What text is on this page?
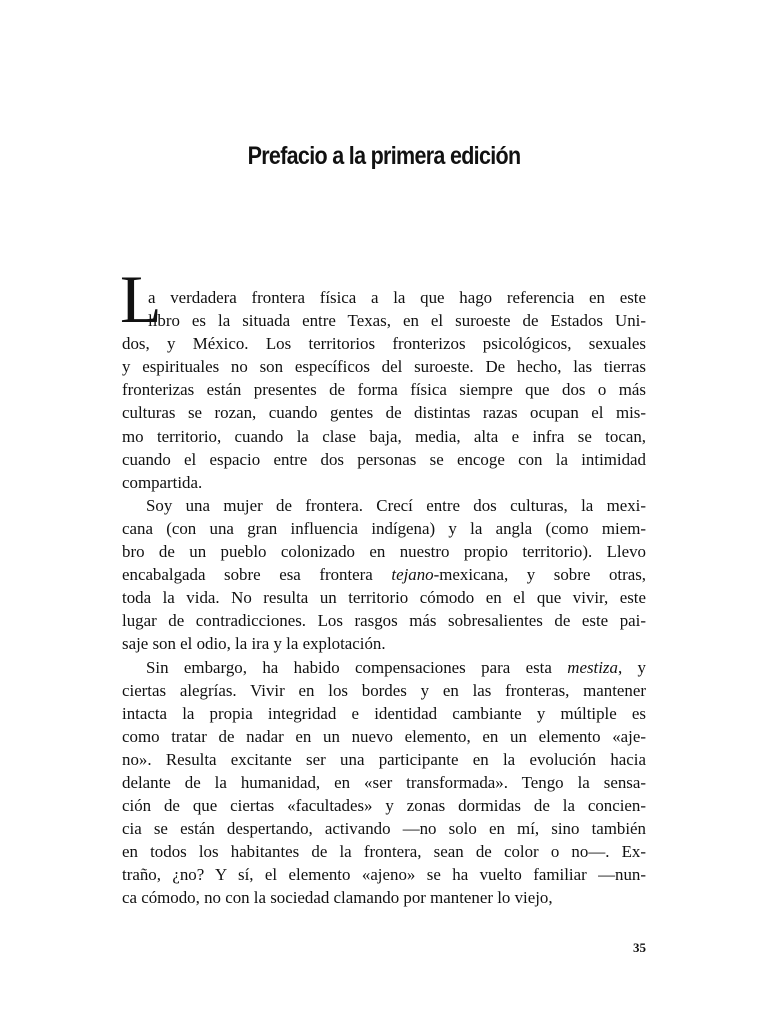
Prefacio a la primera edición
a verdadera frontera física a la que hago referencia en este
libro es la situada entre Texas, en el suroeste de Estados Uni-
dos, y México. Los territorios fronterizos psicológicos, sexuales
y espirituales no son específicos del suroeste. De hecho, las tierras
fronterizas están presentes de forma física siempre que dos o más
culturas se rozan, cuando gentes de distintas razas ocupan el mis-
mo territorio, cuando la clase baja, media, alta e infra se tocan,
cuando el espacio entre dos personas se encoge con la intimidad
compartida.
L
Soy una mujer de frontera. Crecí entre dos culturas, la mexi-
cana (con una gran influencia indígena) y la angla (como miem-
bro de un pueblo colonizado en nuestro propio territorio). Llevo
encabalgada sobre esa frontera tejano-mexicana, y sobre otras,
toda la vida. No resulta un territorio cómodo en el que vivir, este
lugar de contradicciones. Los rasgos más sobresalientes de este pai-
saje son el odio, la ira y la explotación.
Sin embargo, ha habido compensaciones para esta mestiza, y
ciertas alegrías. Vivir en los bordes y en las fronteras, mantener
intacta la propia integridad e identidad cambiante y múltiple es
como tratar de nadar en un nuevo elemento, en un elemento «aje-
no». Resulta excitante ser una participante en la evolución hacia
delante de la humanidad, en «ser transformada». Tengo la sensa-
ción de que ciertas «facultades» y zonas dormidas de la concien-
cia se están despertando, activando —no solo en mí, sino también
en todos los habitantes de la frontera, sean de color o no—. Ex-
traño, ¿no? Y sí, el elemento «ajeno» se ha vuelto familiar —nun-
ca cómodo, no con la sociedad clamando por mantener lo viejo,
35
